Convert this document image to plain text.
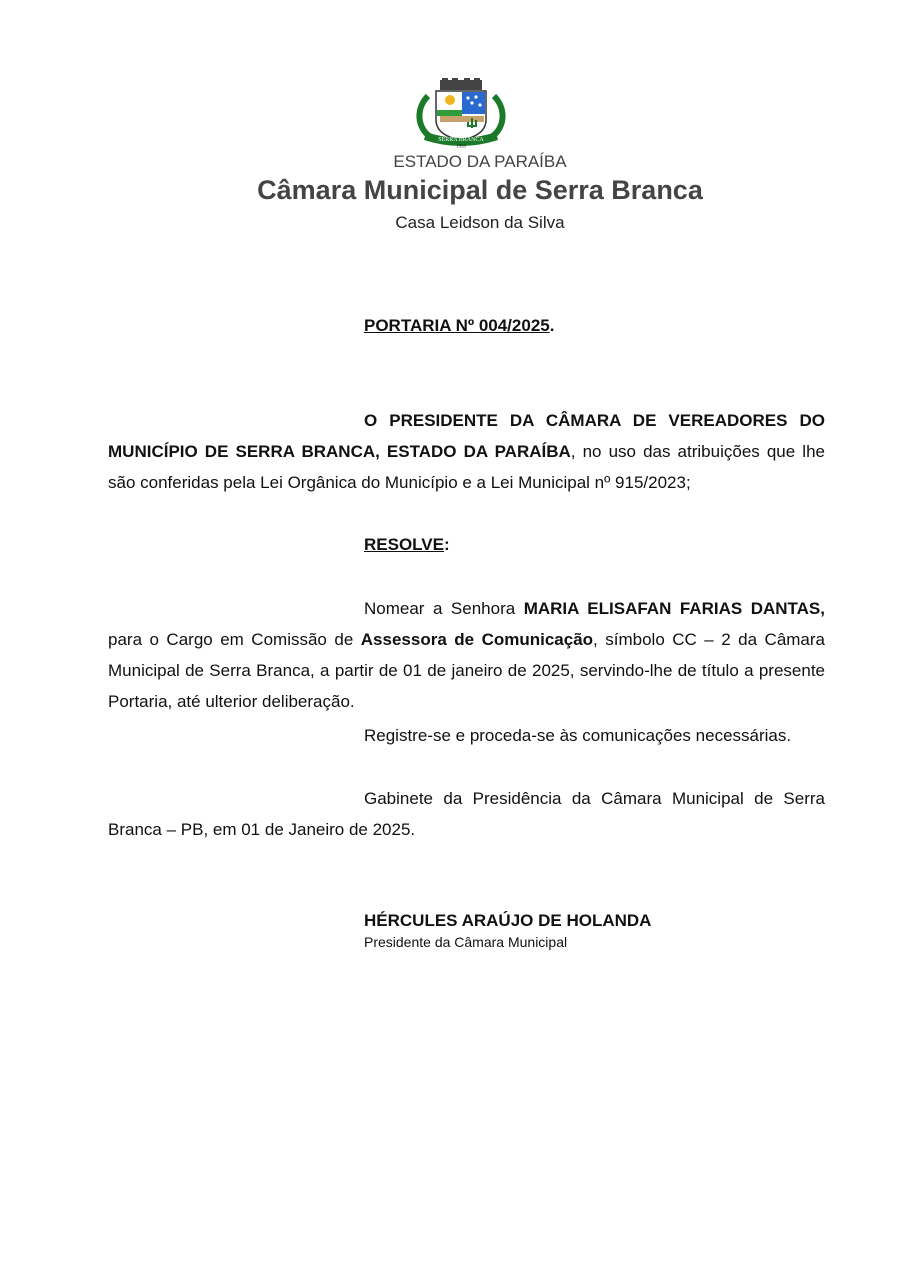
SERRA BRANCA
1959
ESTADO DA PARAÍBA
Câmara Municipal de Serra Branca
Casa Leidson da Silva
PORTARIA Nº 004/2025.
O PRESIDENTE DA CÂMARA DE VEREADORES DO MUNICÍPIO DE SERRA BRANCA, ESTADO DA PARAÍBA, no uso das atribuições que lhe são conferidas pela Lei Orgânica do Município e a Lei Municipal nº 915/2023;
RESOLVE:
Nomear a Senhora MARIA ELISAFAN FARIAS DANTAS, para o Cargo em Comissão de Assessora de Comunicação, símbolo CC – 2 da Câmara Municipal de Serra Branca, a partir de 01 de janeiro de 2025, servindo-lhe de título a presente Portaria, até ulterior deliberação.
Registre-se e proceda-se às comunicações necessárias.
Gabinete da Presidência da Câmara Municipal de Serra Branca – PB, em 01 de Janeiro de 2025.
HÉRCULES ARAÚJO DE HOLANDA
Presidente da Câmara Municipal
